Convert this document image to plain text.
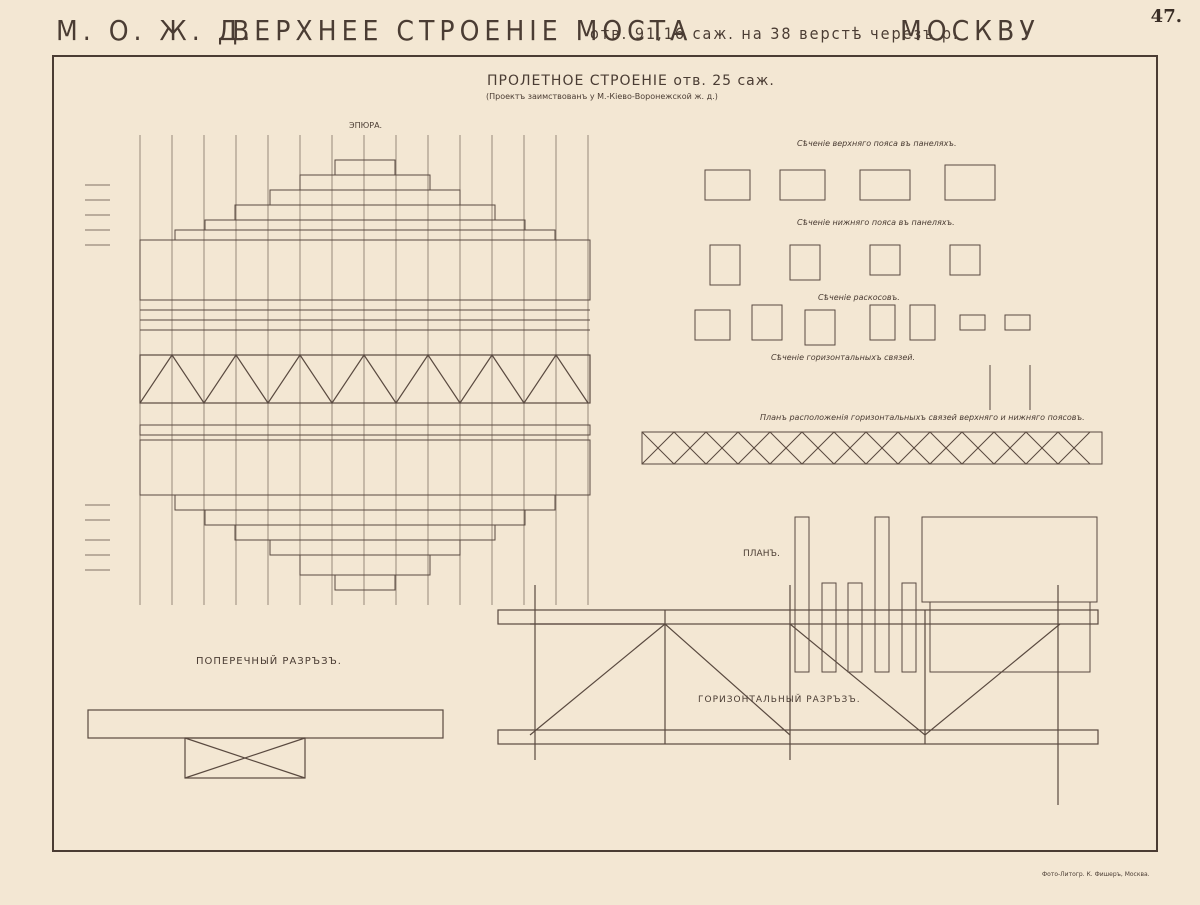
М. О. Ж. Д.
ВЕРХНЕЕ СТРОЕНІЕ МОСТА
отв. 91,16 саж. на 38 верстѣ черезъ р.
МОСКВУ	47.
ПРОЛЕТНОЕ СТРОЕНІЕ отв. 25 саж.
(Проектъ заимствованъ у М.-Кіево-Воронежской ж. д.)
ЭПЮРА.
Сѣченіе верхняго пояса въ панеляхъ.
Сѣченіе нижняго пояса въ панеляхъ.
Сѣченіе раскосовъ.
Сѣченіе горизонтальныхъ связей.
Планъ расположенія горизонтальныхъ связей верхняго и нижняго поясовъ.
ПЛАНЪ.
ГОРИЗОНТАЛЬНЫЙ РАЗРЪЗЪ.
ПОПЕРЕЧНЫЙ РАЗРЪЗЪ.
Фото-Литогр. К. Фишеръ, Москва.
